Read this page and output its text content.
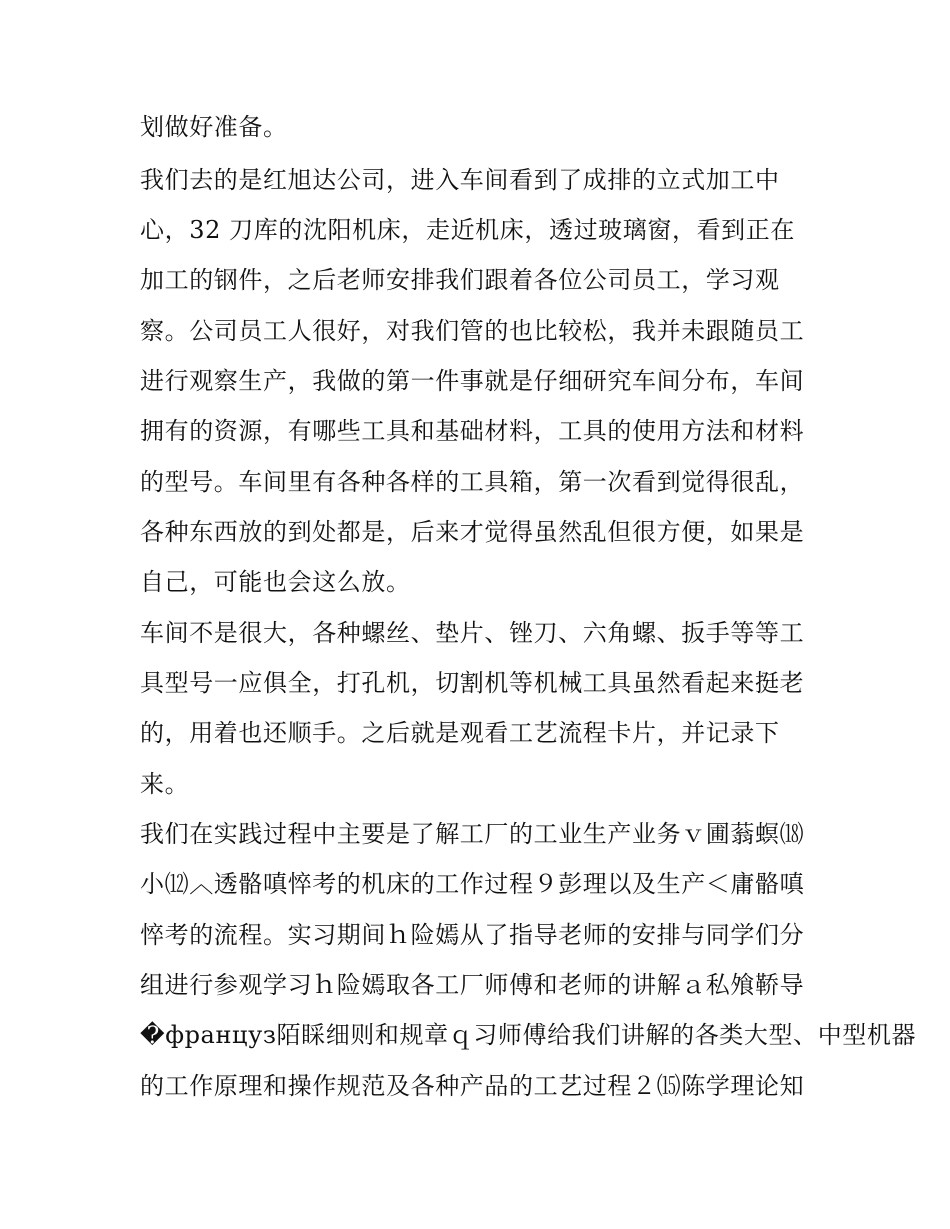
划做好准备。
我们去的是红旭达公司，进入车间看到了成排的立式加工中
心，32 刀库的沈阳机床，走近机床，透过玻璃窗，看到正在
加工的钢件，之后老师安排我们跟着各位公司员工，学习观
察。公司员工人很好，对我们管的也比较松，我并未跟随员工
进行观察生产，我做的第一件事就是仔细研究车间分布，车间
拥有的资源，有哪些工具和基础材料，工具的使用方法和材料
的型号。车间里有各种各样的工具箱，第一次看到觉得很乱，
各种东西放的到处都是，后来才觉得虽然乱但很方便，如果是
自己，可能也会这么放。
车间不是很大，各种螺丝、垫片、锉刀、六角螺、扳手等等工
具型号一应俱全，打孔机，切割机等机械工具虽然看起来挺老
的，用着也还顺手。之后就是观看工艺流程卡片，并记录下
来。
我们在实践过程中主要是了解工厂的工业生产业务ｖ圃蓊螟⒅
小⑿︿透骼嗔悴考的机床的工作过程９彭理以及生产＜庸骼嗔
悴考的流程。实习期间ｈ险嫣从了指导老师的安排与同学们分
组进行参观学习ｈ险嫣取各工厂师傅和老师的讲解ａ私飧鞒导
�француз陌睬细则和规章ｑ习师傅给我们讲解的各类大型、中型机器
的工作原理和操作规范及各种产品的工艺过程２⒂陈学理论知
